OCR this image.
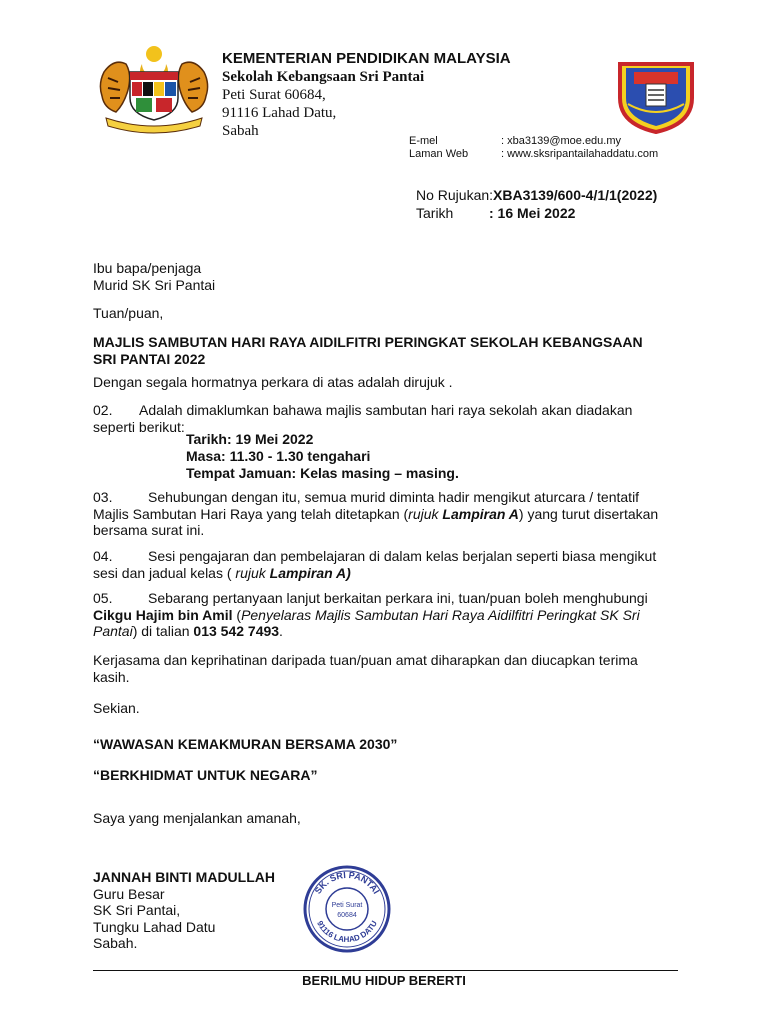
KEMENTERIAN PENDIDIKAN MALAYSIA
Sekolah Kebangsaan Sri Pantai
Peti Surat 60684,
91116 Lahad Datu,
Sabah
E-mel	: xba3139@moe.edu.my
Laman Web	: www.sksripantailahaddatu.com
No Rujukan:XBA3139/600-4/1/1(2022)
Tarikh	: 16 Mei 2022
Ibu bapa/penjaga
Murid SK Sri Pantai
Tuan/puan,
MAJLIS SAMBUTAN HARI RAYA AIDILFITRI PERINGKAT SEKOLAH KEBANGSAAN
SRI PANTAI 2022
Dengan segala hormatnya perkara di atas adalah dirujuk .
02. Adalah dimaklumkan bahawa majlis sambutan hari raya sekolah akan diadakan
seperti berikut:
Tarikh: 19 Mei 2022
Masa: 11.30 - 1.30 tengahari
Tempat Jamuan: Kelas masing – masing.
03.	Sehubungan dengan itu, semua murid diminta hadir mengikut aturcara / tentatif
Majlis Sambutan Hari Raya yang telah ditetapkan (rujuk Lampiran A) yang turut disertakan
bersama surat ini.
04.	Sesi pengajaran dan pembelajaran di dalam kelas berjalan seperti biasa mengikut
sesi dan jadual kelas ( rujuk Lampiran A)
05.	Sebarang pertanyaan lanjut berkaitan perkara ini, tuan/puan boleh menghubungi
Cikgu Hajim bin Amil (Penyelaras Majlis Sambutan Hari Raya Aidilfitri Peringkat SK Sri
Pantai) di talian 013 542 7493.
Kerjasama dan keprihatinan daripada tuan/puan amat diharapkan dan diucapkan terima
kasih.
Sekian.
“WAWASAN KEMAKMURAN BERSAMA 2030”
“BERKHIDMAT UNTUK NEGARA”
Saya yang menjalankan amanah,
JANNAH BINTI MADULLAH
Guru Besar
SK Sri Pantai,
Tungku Lahad Datu
Sabah.
SK. SRI PANTAI
91116 LAHAD DATU
Peti Surat
60684
BERILMU HIDUP BERERTI
